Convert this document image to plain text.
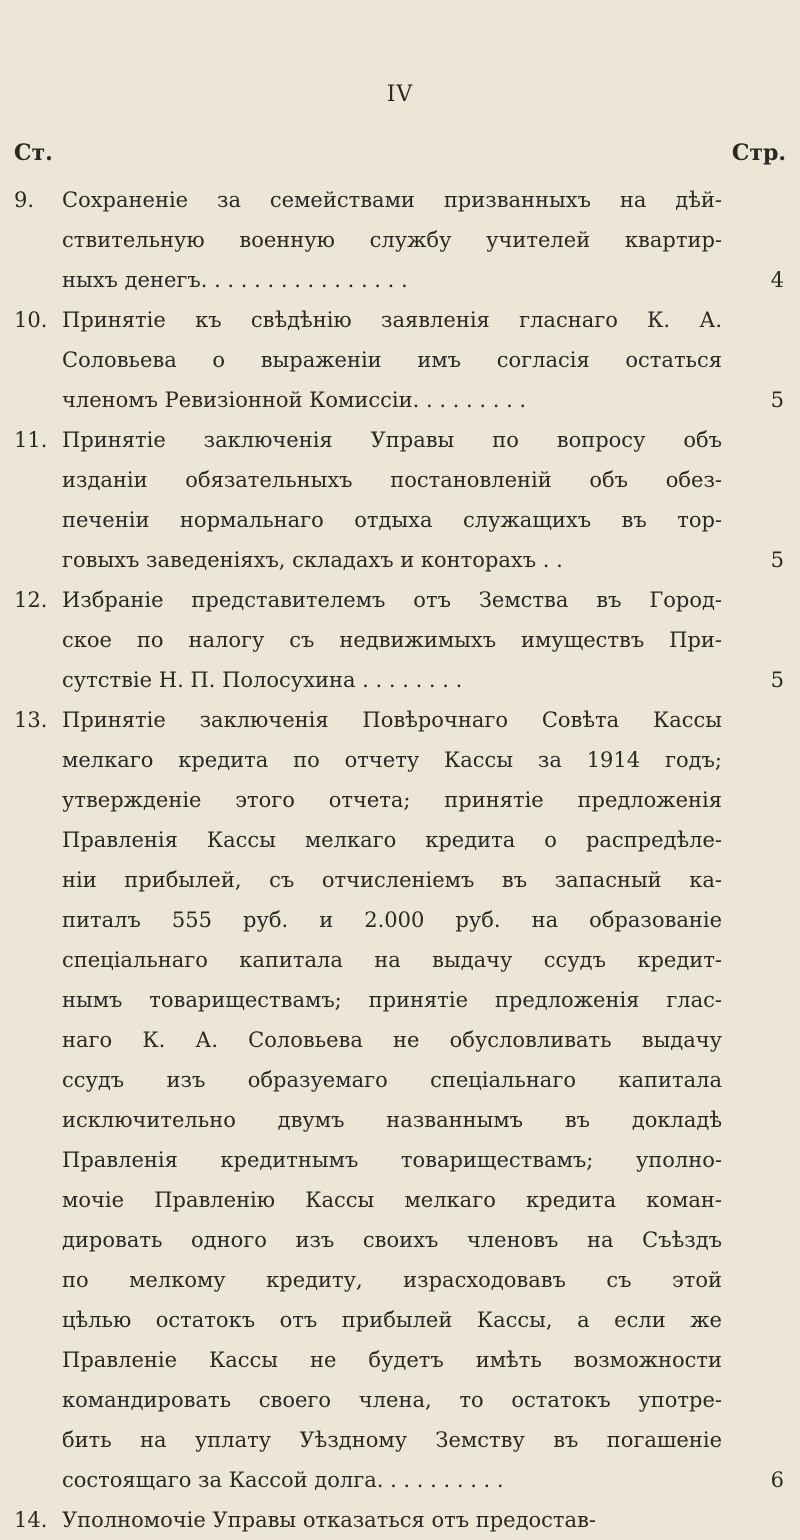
IV
Ст.	Стр.
9.	Сохраненіе за семействами призванныхъ на дѣй-
ствительную военную службу учителей квартир-
ныхъ денегъ. . . . . . . . . . . . . . . .	4
10. Принятіе къ свѣдѣнію заявленія гласнаго К. А.
Соловьева о выраженіи имъ согласія остаться
членомъ Ревизіонной Комиссіи. . . . . . . . .	5
11. Принятіе заключенія Управы по вопросу объ
изданіи обязательныхъ постановленій объ обез-
печеніи нормальнаго отдыха служащихъ въ тор-
говыхъ заведеніяхъ, складахъ и конторахъ . .	5
12. Избраніе представителемъ отъ Земства въ Город-
ское по налогу съ недвижимыхъ имуществъ При-
сутствіе Н. П. Полосухина . . . . . . . .	5
13. Принятіе заключенія Повѣрочнаго Совѣта Кассы
мелкаго кредита по отчету Кассы за 1914 годъ;
утвержденіе этого отчета; принятіе предложенія
Правленія Кассы мелкаго кредита о распредѣле-
ніи прибылей, съ отчисленіемъ въ запасный ка-
питалъ 555 руб. и 2.000 руб. на образованіе
спеціальнаго капитала на выдачу ссудъ кредит-
нымъ товариществамъ; принятіе предложенія глас-
наго К. А. Соловьева не обусловливать выдачу
ссудъ изъ образуемаго спеціальнаго капитала
исключительно двумъ названнымъ въ докладѣ
Правленія кредитнымъ товариществамъ; уполно-
мочіе Правленію Кассы мелкаго кредита коман-
дировать одного изъ своихъ членовъ на Съѣздъ
по мелкому кредиту, израсходовавъ съ этой
цѣлью остатокъ отъ прибылей Кассы, а если же
Правленіе Кассы не будетъ имѣть возможности
командировать своего члена, то остатокъ употре-
бить на уплату Уѣздному Земству въ погашеніе
состоящаго за Кассой долга. . . . . . . . . .	6
14. Уполномочіе Управы отказаться отъ предостав-
